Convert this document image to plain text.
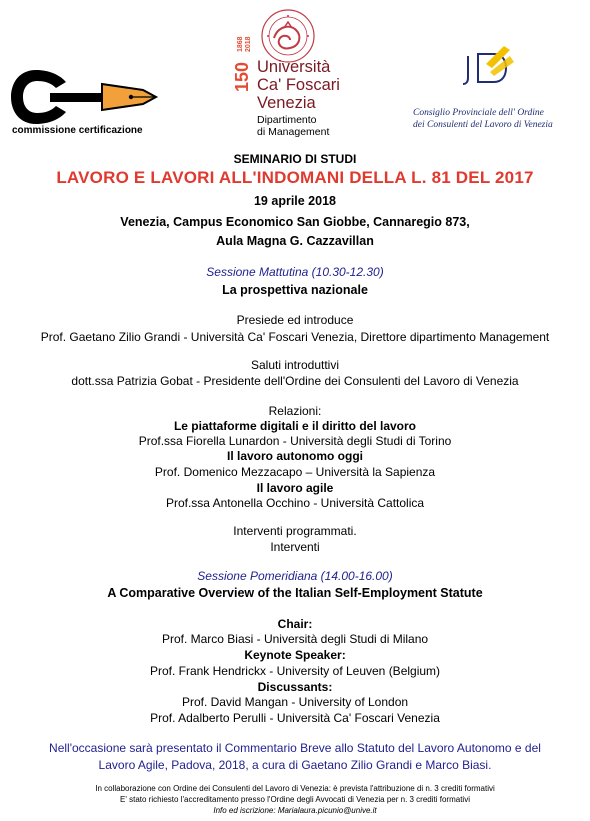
commissione certificazione
150
1868 2018
Università
Ca' Foscari
Venezia
Dipartimento
di Management
Consiglio Provinciale dell' Ordine
dei Consulenti del Lavoro di Venezia
SEMINARIO DI STUDI
LAVORO E LAVORI ALL'INDOMANI DELLA L. 81 DEL 2017
19 aprile 2018
Venezia, Campus Economico San Giobbe, Cannaregio 873,
Aula Magna G. Cazzavillan
Sessione Mattutina (10.30-12.30)
La prospettiva nazionale
Presiede ed introduce
Prof. Gaetano Zilio Grandi - Università Ca' Foscari Venezia, Direttore dipartimento Management
Saluti introduttivi
dott.ssa Patrizia Gobat - Presidente dell'Ordine dei Consulenti del Lavoro di Venezia
Relazioni:
Le piattaforme digitali e il diritto del lavoro
Prof.ssa Fiorella Lunardon - Università degli Studi di Torino
Il lavoro autonomo oggi
Prof. Domenico Mezzacapo – Università la Sapienza
Il lavoro agile
Prof.ssa Antonella Occhino - Università Cattolica
Interventi programmati.
Interventi
Sessione Pomeridiana (14.00-16.00)
A Comparative Overview of the Italian Self-Employment Statute
Chair:
Prof. Marco Biasi - Università degli Studi di Milano
Keynote Speaker:
Prof. Frank Hendrickx - University of Leuven (Belgium)
Discussants:
Prof. David Mangan - University of London
Prof. Adalberto Perulli - Università Ca' Foscari Venezia
Nell'occasione sarà presentato il Commentario Breve allo Statuto del Lavoro Autonomo e del
Lavoro Agile, Padova, 2018, a cura di Gaetano Zilio Grandi e Marco Biasi.
In collaborazione con Ordine dei Consulenti del Lavoro di Venezia: è prevista l'attribuzione di n. 3 crediti formativi
E' stato richiesto l'accreditamento presso l'Ordine degli Avvocati di Venezia per n. 3 crediti formativi
Info ed iscrizione: Marialaura.picunio@unive.it
